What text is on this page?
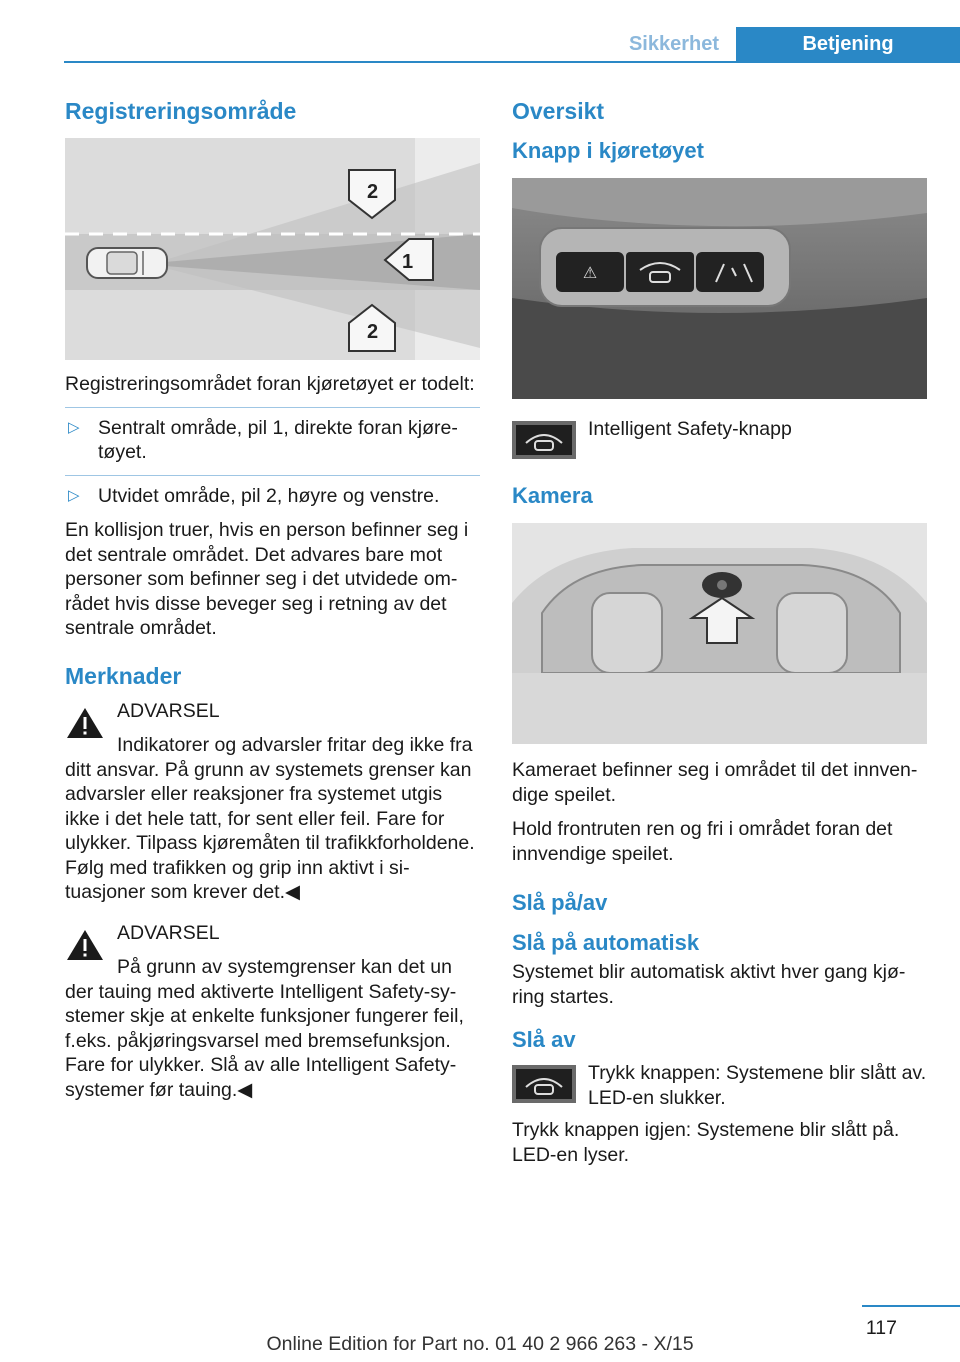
Sikkerhet	Betjening
Registreringsområde
2
1
2

Registreringsområdet foran kjøretøyet er todelt:

▷ Sentralt område, pil 1, direkte foran kjøretøyet.
▷ Utvidet område, pil 2, høyre og venstre.

En kollisjon truer, hvis en person befinner seg i det sentrale området. Det advares bare mot personer som befinner seg i det utvidede området hvis disse beveger seg i retning av det sentrale området.

Merknader

ADVARSEL

Indikatorer og advarsler fritar deg ikke fra

ditt ansvar. På grunn av systemets grenser kan advarsler eller reaksjoner fra systemet utgis ikke i det hele tatt, for sent eller feil. Fare for ulykker. Tilpass kjøremåten til trafikkforholdene. Følg med trafikken og grip inn aktivt i situasjoner som krever det.◀

ADVARSEL

På grunn av systemgrenser kan det un

der tauing med aktiverte Intelligent Safety-systemer skje at enkelte funksjoner fungerer feil, f.eks. påkjøringsvarsel med bremsefunksjon. Fare for ulykker. Slå av alle Intelligent Safety-systemer før tauing.◀

Oversikt
Knapp i kjøretøyet
⚠
Intelligent Safety-knapp
Kamera

Kameraet befinner seg i området til det innvendige speilet.

Hold frontruten ren og fri i området foran det innvendige speilet.

Slå på/av
Slå på automatisk

Systemet blir automatisk aktivt hver gang kjøring startes.

Slå av
Trykk knappen: Systemene blir slått av. LED-en slukker.

Trykk knappen igjen: Systemene blir slått på. LED-en lyser.

117
Online Edition for Part no. 01 40 2 966 263 - X/15
